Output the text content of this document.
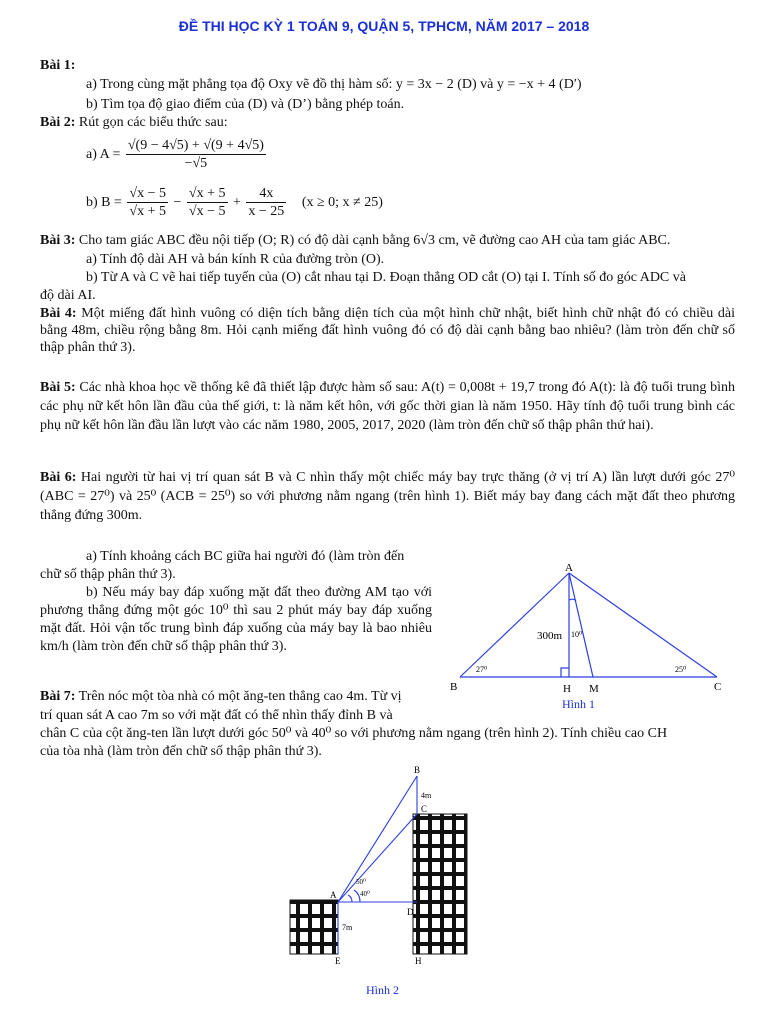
ĐỀ THI HỌC KỲ 1 TOÁN 9, QUẬN 5, TPHCM, NĂM 2017 – 2018
Bài 1:
a) Trong cùng mặt phẳng tọa độ Oxy vẽ đồ thị hàm số: y = 3x − 2 (D) và y = −x + 4 (D′)
b) Tìm tọa độ giao điểm của (D) và (D’) bằng phép toán.
Bài 2: Rút gọn các biểu thức sau:
a) $A = \frac{√(9 - 4√5) + √(9 + 4√5)}{-√5}$
b) $B = \frac{√x - 5}{√x + 5} - \frac{√x + 5}{√x - 5} + \frac{4x}{x - 25} (x \ge 0$; x ≠ 25)
Bài 3: Cho tam giác ABC đều nội tiếp (O; R) có độ dài cạnh bằng 6√3 cm, vẽ đường cao AH của tam giác ABC.
a) Tính độ dài AH và bán kính R của đường tròn (O).
b) Từ A và C vẽ hai tiếp tuyến của (O) cắt nhau tại D. Đoạn thẳng OD cắt (O) tại I. Tính số đo góc ADC và
độ dài AI.
Bài 4: Một miếng đất hình vuông có diện tích bằng diện tích của một hình chữ nhật, biết hình chữ nhật đó có chiều dài bằng 48m, chiều rộng bằng 8m. Hỏi cạnh miếng đất hình vuông đó có độ dài cạnh bằng bao nhiêu? (làm tròn đến chữ số thập phân thứ 3).
Bài 5: Các nhà khoa học về thống kê đã thiết lập được hàm số sau: A(t) = 0,008t + 19,7 trong đó A(t): là độ tuổi trung bình các phụ nữ kết hôn lần đầu của thế giới, t: là năm kết hôn, với gốc thời gian là năm 1950. Hãy tính độ tuổi trung bình các phụ nữ kết hôn lần đầu lần lượt vào các năm 1980, 2005, 2017, 2020 (làm tròn đến chữ số thập phân thứ hai).
Bài 6: Hai người từ hai vị trí quan sát B và C nhìn thấy một chiếc máy bay trực thăng (ở vị trí A) lần lượt dưới góc 27⁰ (ABC = 27⁰) và 25⁰ (ACB = 25⁰) so với phương nằm ngang (trên hình 1). Biết máy bay đang cách mặt đất theo phương thẳng đứng 300m.
a) Tính khoảng cách BC giữa hai người đó (làm tròn đến
chữ số thập phân thứ 3).
b) Nếu máy bay đáp xuống mặt đất theo đường AM tạo với phương thẳng đứng một góc 10⁰ thì sau 2 phút máy bay đáp xuống mặt đất. Hỏi vận tốc trung bình đáp xuống của máy bay là bao nhiêu km/h (làm tròn đến chữ số thập phân thứ 3).
Bài 7: Trên nóc một tòa nhà có một ăng-ten thẳng cao 4m. Từ vị
trí quan sát A cao 7m so với mặt đất có thể nhìn thấy đỉnh B và
chân C của cột ăng-ten lần lượt dưới góc 50⁰ và 40⁰ so với phương nằm ngang (trên hình 2). Tính chiều cao CH
của tòa nhà (làm tròn đến chữ số thập phân thứ 3).
A
B	C
H M
300m 10⁰
27⁰	25⁰
Hình 1
B
C
A
D
E	H
4m
7m
50⁰
40⁰
Hình 2
